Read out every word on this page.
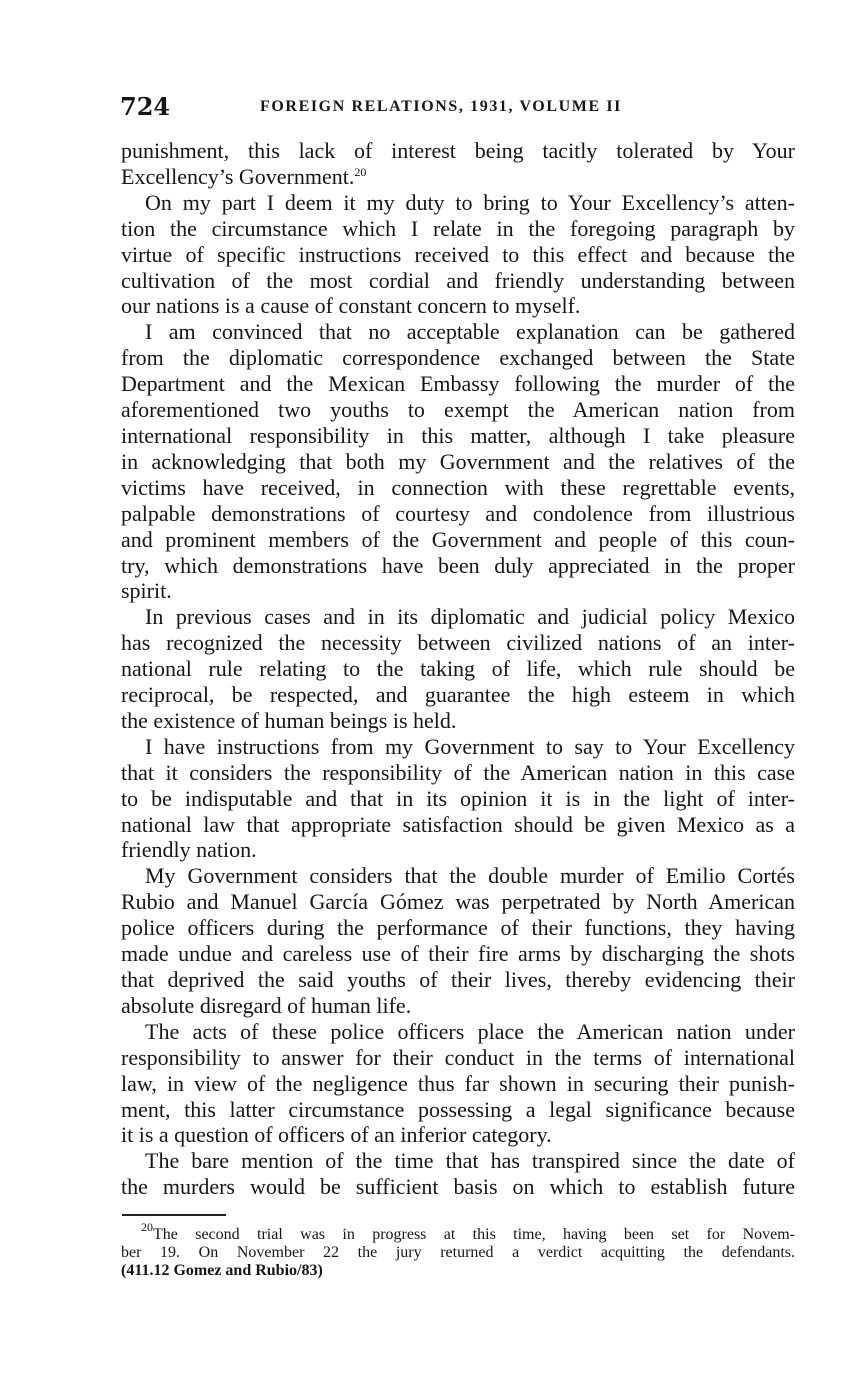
724	FOREIGN RELATIONS, 1931, VOLUME II
punishment, this lack of interest being tacitly tolerated by Your
Excellency’s Government.$^{20}$
On my part I deem it my duty to bring to Your Excellency’s atten-
tion the circumstance which I relate in the foregoing paragraph by
virtue of specific instructions received to this effect and because the
cultivation of the most cordial and friendly understanding between
our nations is a cause of constant concern to myself.
I am convinced that no acceptable explanation can be gathered
from the diplomatic correspondence exchanged between the State
Department and the Mexican Embassy following the murder of the
aforementioned two youths to exempt the American nation from
international responsibility in this matter, although I take pleasure
in acknowledging that both my Government and the relatives of the
victims have received, in connection with these regrettable events,
palpable demonstrations of courtesy and condolence from illustrious
and prominent members of the Government and people of this coun-
try, which demonstrations have been duly appreciated in the proper
spirit.
In previous cases and in its diplomatic and judicial policy Mexico
has recognized the necessity between civilized nations of an inter-
national rule relating to the taking of life, which rule should be
reciprocal, be respected, and guarantee the high esteem in which
the existence of human beings is held.
I have instructions from my Government to say to Your Excellency
that it considers the responsibility of the American nation in this case
to be indisputable and that in its opinion it is in the light of inter-
national law that appropriate satisfaction should be given Mexico as a
friendly nation.
My Government considers that the double murder of Emilio Cortés
Rubio and Manuel García Gómez was perpetrated by North American
police officers during the performance of their functions, they having
made undue and careless use of their fire arms by discharging the shots
that deprived the said youths of their lives, thereby evidencing their
absolute disregard of human life.
The acts of these police officers place the American nation under
responsibility to answer for their conduct in the terms of international
law, in view of the negligence thus far shown in securing their punish-
ment, this latter circumstance possessing a legal significance because
it is a question of officers of an inferior category.
The bare mention of the time that has transpired since the date of
the murders would be sufficient basis on which to establish future
$^{20}$The second trial was in progress at this time, having been set for Novem-
ber 19. On November 22 the jury returned a verdict acquitting the defendants.
(411.12 Gomez and Rubio/83)
